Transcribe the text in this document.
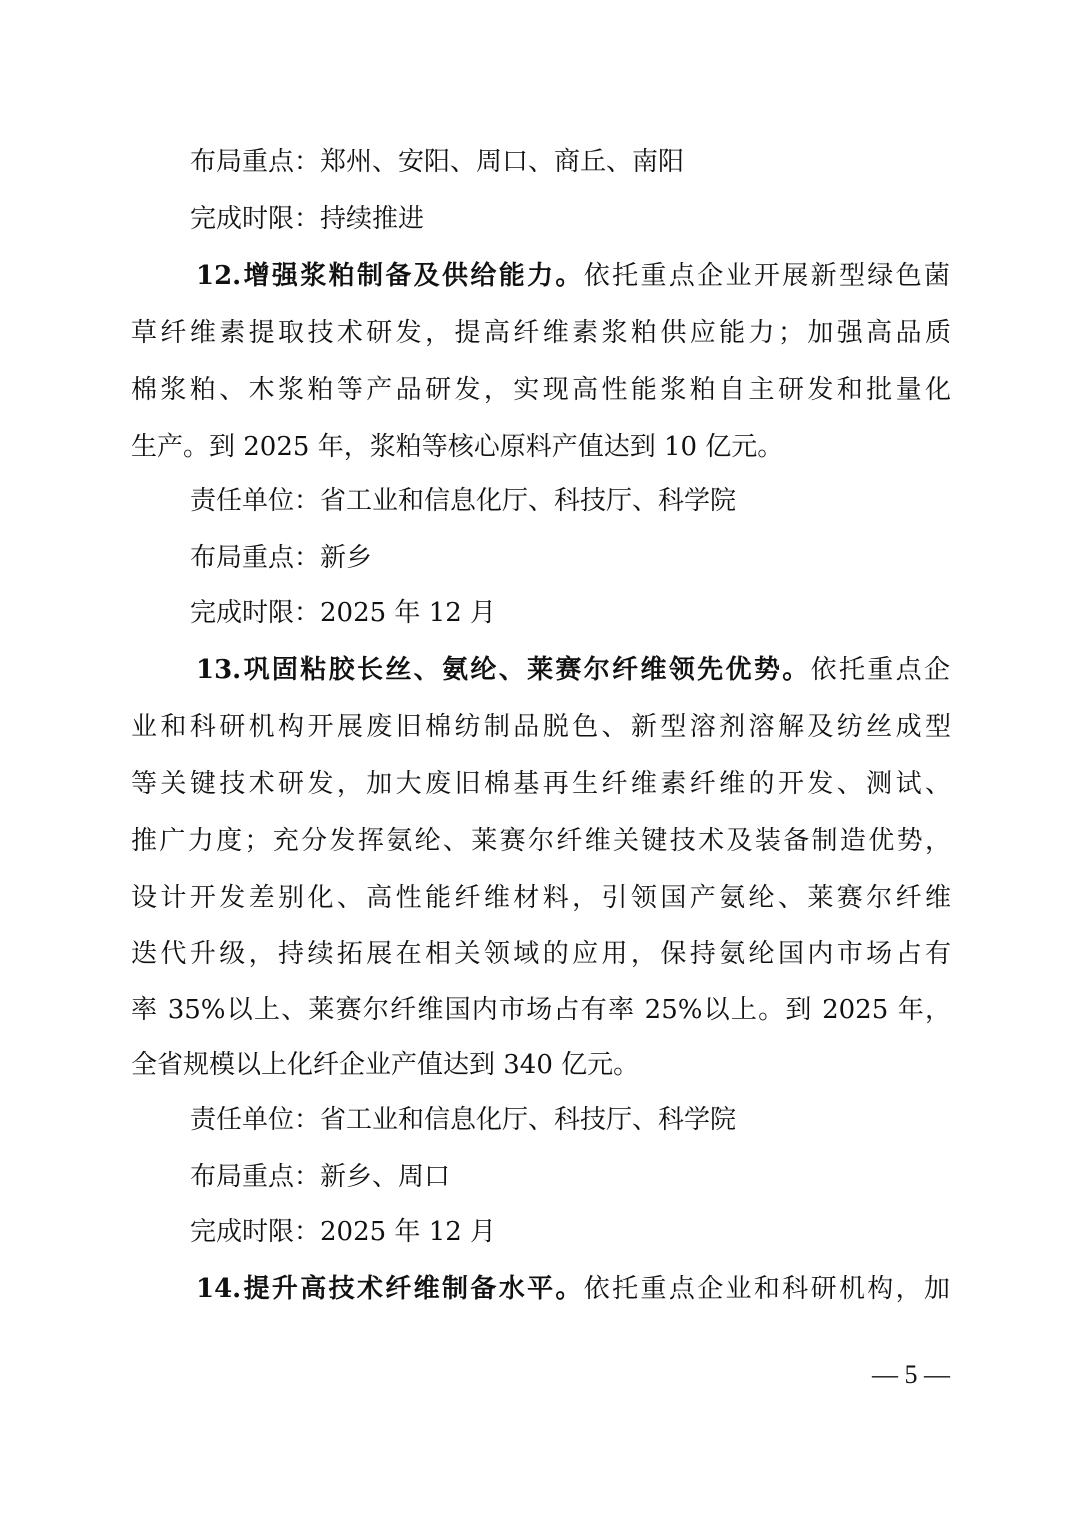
布局重点：郑州、安阳、周口、商丘、南阳
完成时限：持续推进
12.增强浆粕制备及供给能力。依托重点企业开展新型绿色菌
草纤维素提取技术研发，提高纤维素浆粕供应能力；加强高品质
棉浆粕、木浆粕等产品研发，实现高性能浆粕自主研发和批量化
生产。到 2025 年，浆粕等核心原料产值达到 10 亿元。
责任单位：省工业和信息化厅、科技厅、科学院
布局重点：新乡
完成时限：2025 年 12 月
13.巩固粘胶长丝、氨纶、莱赛尔纤维领先优势。依托重点企
业和科研机构开展废旧棉纺制品脱色、新型溶剂溶解及纺丝成型
等关键技术研发，加大废旧棉基再生纤维素纤维的开发、测试、
推广力度；充分发挥氨纶、莱赛尔纤维关键技术及装备制造优势，
设计开发差别化、高性能纤维材料，引领国产氨纶、莱赛尔纤维
迭代升级，持续拓展在相关领域的应用，保持氨纶国内市场占有
率 35%以上、莱赛尔纤维国内市场占有率 25%以上。到 2025 年，
全省规模以上化纤企业产值达到 340 亿元。
责任单位：省工业和信息化厅、科技厅、科学院
布局重点：新乡、周口
完成时限：2025 年 12 月
14.提升高技术纤维制备水平。依托重点企业和科研机构，加
— 5 —
